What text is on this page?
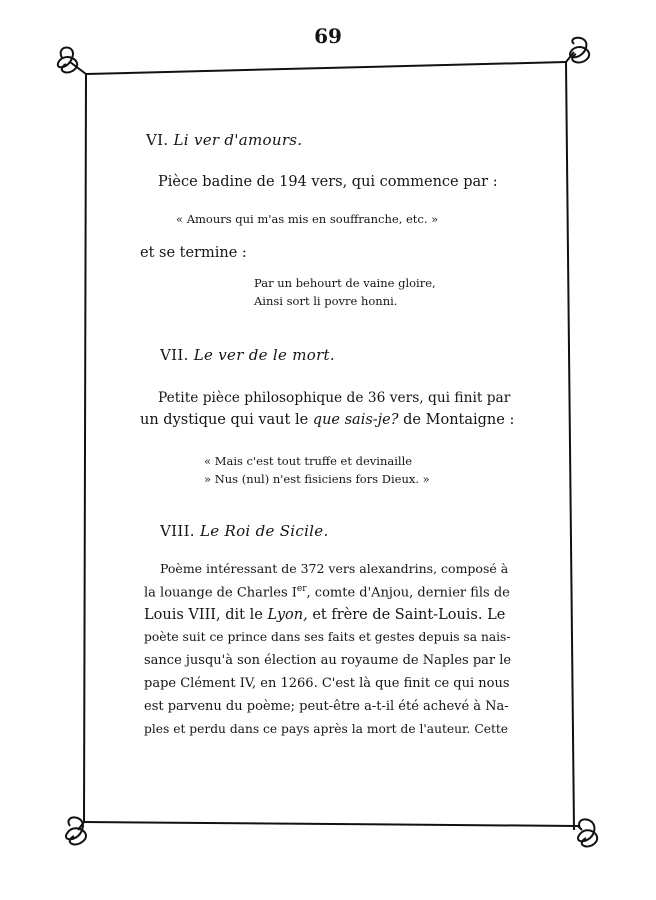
69
VI. Li ver d'amours.
Pièce badine de 194 vers, qui commence par :
« Amours qui m'as mis en souffranche, etc. »
et se termine :
Par un behourt de vaine gloire,
Ainsi sort li povre honni.
VII. Le ver de le mort.
Petite pièce philosophique de 36 vers, qui finit par
un dystique qui vaut le que sais-je? de Montaigne :
« Mais c'est tout truffe et devinaille
» Nus (nul) n'est fisiciens fors Dieux. »
VIII. Le Roi de Sicile.
Poème intéressant de 372 vers alexandrins, composé à
la louange de Charles Ier, comte d'Anjou, dernier fils de
Louis VIII, dit le Lyon, et frère de Saint-Louis. Le
poète suit ce prince dans ses faits et gestes depuis sa nais-
sance jusqu'à son élection au royaume de Naples par le
pape Clément IV, en 1266. C'est là que finit ce qui nous
est parvenu du poème; peut-être a-t-il été achevé à Na-
ples et perdu dans ce pays après la mort de l'auteur. Cette
